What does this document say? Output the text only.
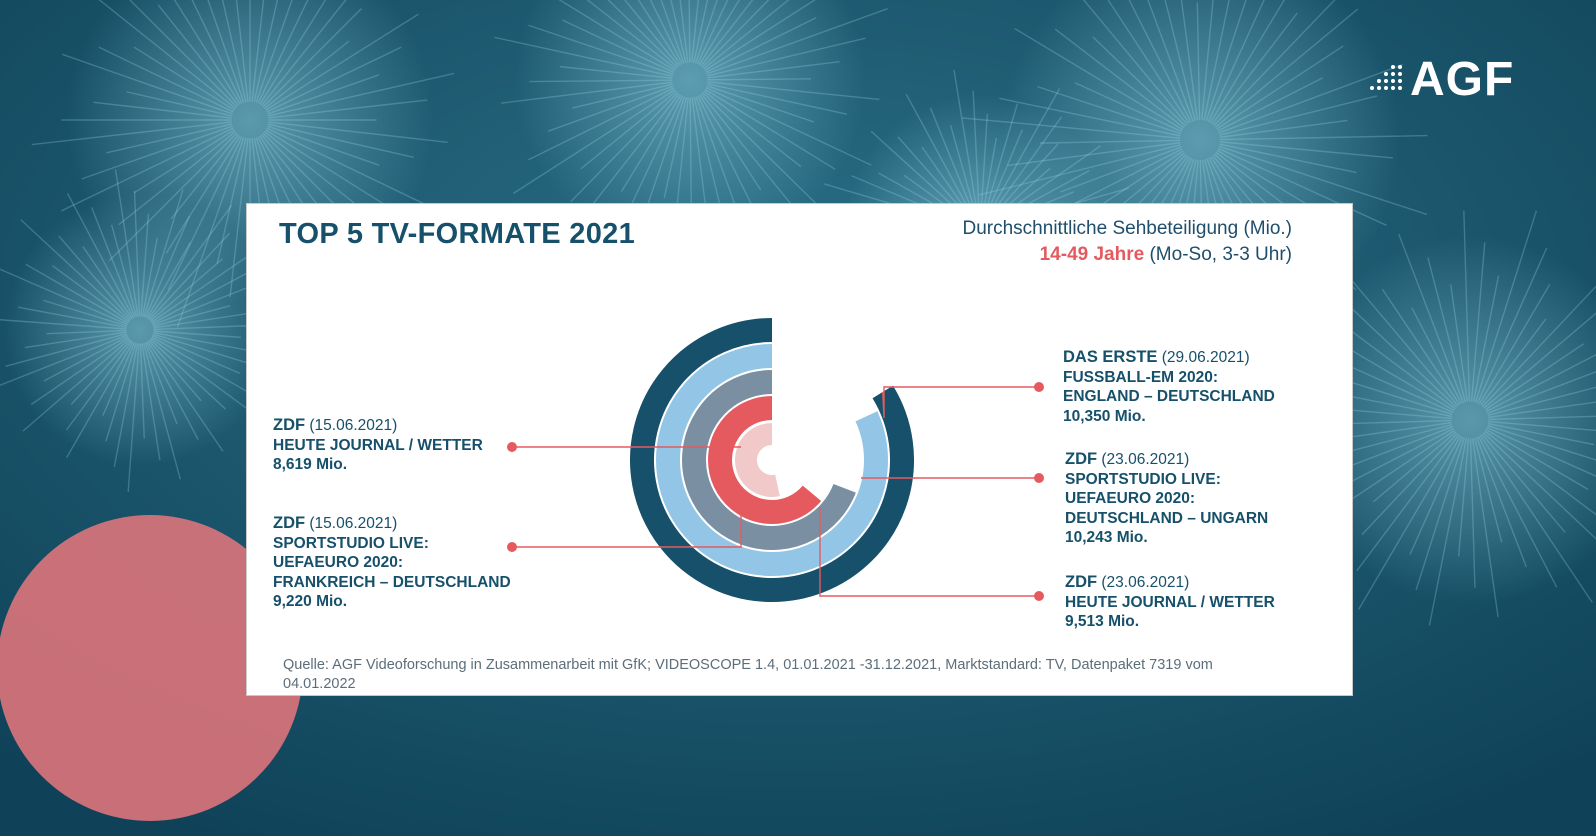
AGF
TOP 5 TV-FORMATE 2021	Durchschnittliche Sehbeteiligung (Mio.)
14-49 Jahre (Mo-So, 3-3 Uhr)
DAS ERSTE (29.06.2021)
FUSSBALL-EM 2020:
ENGLAND – DEUTSCHLAND
10,350 Mio.
ZDF (23.06.2021)
SPORTSTUDIO LIVE:
UEFAEURO 2020:
DEUTSCHLAND – UNGARN
10,243 Mio.
ZDF (23.06.2021)
HEUTE JOURNAL / WETTER
9,513 Mio.
ZDF (15.06.2021)
SPORTSTUDIO LIVE:
UEFAEURO 2020:
FRANKREICH – DEUTSCHLAND
9,220 Mio.
ZDF (15.06.2021)
HEUTE JOURNAL / WETTER
8,619 Mio.
Quelle: AGF Videoforschung in Zusammenarbeit mit GfK; VIDEOSCOPE 1.4, 01.01.2021 -31.12.2021, Marktstandard: TV, Datenpaket 7319 vom 04.01.2022
